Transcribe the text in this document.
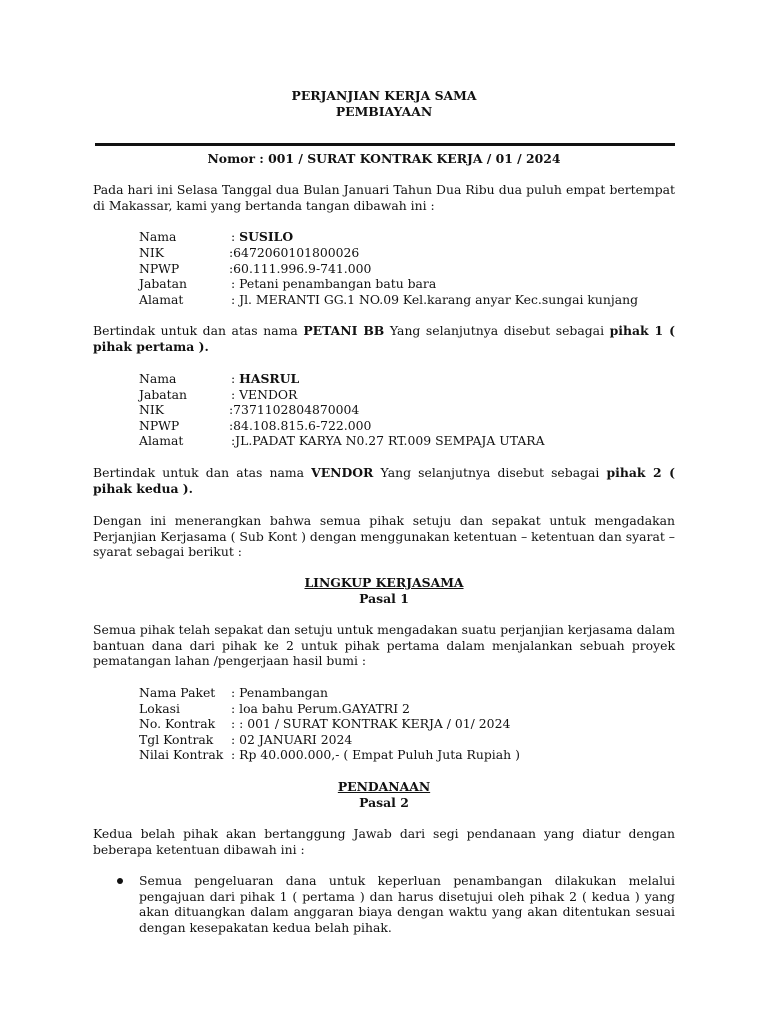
PERJANJIAN KERJA SAMA
PEMBIAYAAN
Nomor : 001 / SURAT KONTRAK KERJA / 01 / 2024
Pada hari ini Selasa Tanggal dua Bulan Januari Tahun Dua Ribu dua puluh empat bertempat di Makassar, kami yang bertanda tangan dibawah ini :
Nama	: SUSILO
NIK	:6472060101800026
NPWP	:60.111.996.9-741.000
Jabatan	: Petani penambangan batu bara
Alamat	: Jl. MERANTI GG.1 NO.09 Kel.karang anyar Kec.sungai kunjang
Bertindak untuk dan atas nama PETANI BB Yang selanjutnya disebut sebagai pihak 1 ( pihak pertama ).
Nama	: HASRUL
Jabatan	: VENDOR
NIK	:7371102804870004
NPWP	:84.108.815.6-722.000
Alamat	:JL.PADAT KARYA N0.27 RT.009 SEMPAJA UTARA
Bertindak untuk dan atas nama VENDOR Yang selanjutnya disebut sebagai pihak 2 ( pihak kedua ).
Dengan ini menerangkan bahwa semua pihak setuju dan sepakat untuk mengadakan Perjanjian Kerjasama ( Sub Kont ) dengan menggunakan ketentuan – ketentuan dan syarat – syarat sebagai berikut :
LINGKUP KERJASAMA
Pasal 1
Semua pihak telah sepakat dan setuju untuk mengadakan suatu perjanjian kerjasama dalam bantuan dana dari pihak ke 2 untuk pihak pertama dalam menjalankan sebuah proyek pematangan lahan /pengerjaan hasil bumi :
Nama Paket : Penambangan
Lokasi	: loa bahu Perum.GAYATRI 2
No. Kontrak : : 001 / SURAT KONTRAK KERJA / 01/ 2024
Tgl Kontrak : 02 JANUARI 2024
Nilai Kontrak : Rp 40.000.000,- ( Empat Puluh Juta Rupiah )
PENDANAAN
Pasal 2
Kedua belah pihak akan bertanggung Jawab dari segi pendanaan yang diatur dengan beberapa ketentuan dibawah ini :
Semua pengeluaran dana untuk keperluan penambangan dilakukan melalui pengajuan dari pihak 1 ( pertama ) dan harus disetujui oleh pihak 2 ( kedua ) yang akan dituangkan dalam anggaran biaya dengan waktu yang akan ditentukan sesuai dengan kesepakatan kedua belah pihak.
